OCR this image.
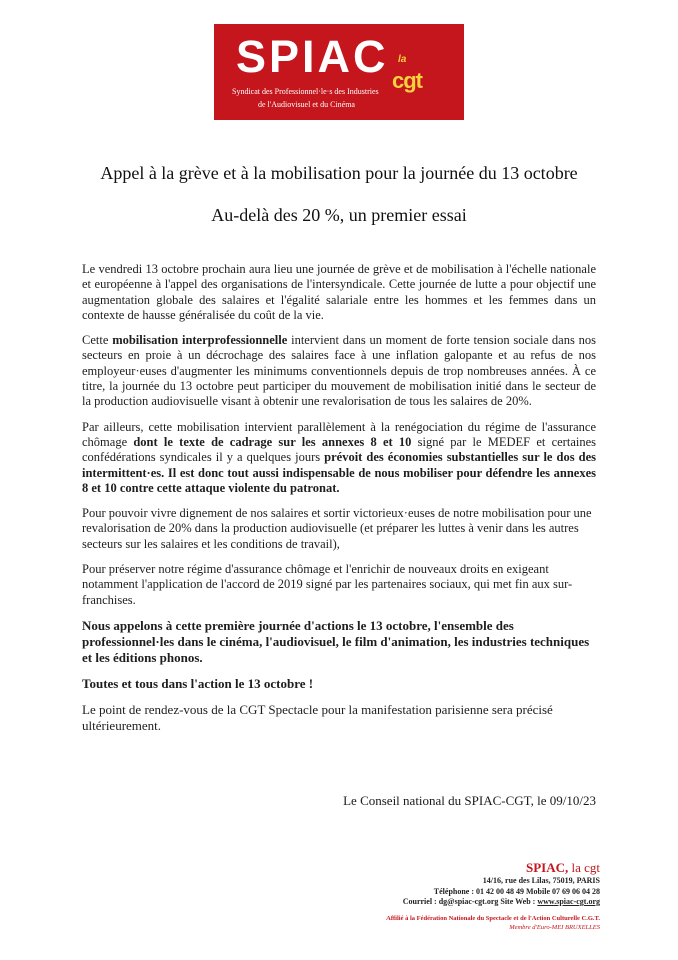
SPIAC la
cgt
Syndicat des Professionnel·le·s des Industries
de l'Audiovisuel et du Cinéma
Appel à la grève et à la mobilisation pour la journée du 13 octobre
Au-delà des 20 %, un premier essai

Le vendredi 13 octobre prochain aura lieu une journée de grève et de mobilisation à l'échelle nationale et européenne à l'appel des organisations de l'intersyndicale. Cette journée de lutte a pour objectif une augmentation globale des salaires et l'égalité salariale entre les hommes et les femmes dans un contexte de hausse généralisée du coût de la vie.

Cette mobilisation interprofessionnelle intervient dans un moment de forte tension sociale dans nos secteurs en proie à un décrochage des salaires face à une inflation galopante et au refus de nos employeur·euses d'augmenter les minimums conventionnels depuis de trop nombreuses années. À ce titre, la journée du 13 octobre peut participer du mouvement de mobilisation initié dans le secteur de la production audiovisuelle visant à obtenir une revalorisation de tous les salaires de 20%.

Par ailleurs, cette mobilisation intervient parallèlement à la renégociation du régime de l'assurance chômage dont le texte de cadrage sur les annexes 8 et 10 signé par le MEDEF et certaines confédérations syndicales il y a quelques jours prévoit des économies substantielles sur le dos des intermittent·es. Il est donc tout aussi indispensable de nous mobiliser pour défendre les annexes 8 et 10 contre cette attaque violente du patronat.

Pour pouvoir vivre dignement de nos salaires et sortir victorieux·euses de notre mobilisation pour une revalorisation de 20% dans la production audiovisuelle (et préparer les luttes à venir dans les autres secteurs sur les salaires et les conditions de travail),

Pour préserver notre régime d'assurance chômage et l'enrichir de nouveaux droits en exigeant notamment l'application de l'accord de 2019 signé par les partenaires sociaux, qui met fin aux sur-franchises.

Nous appelons à cette première journée d'actions le 13 octobre, l'ensemble des professionnel·les dans le cinéma, l'audiovisuel, le film d'animation, les industries techniques et les éditions phonos.

Toutes et tous dans l'action le 13 octobre !

Le point de rendez-vous de la CGT Spectacle pour la manifestation parisienne sera précisé ultérieurement.

Le Conseil national du SPIAC-CGT, le 09/10/23
SPIAC, la cgt
14/16, rue des Lilas, 75019, PARIS
Téléphone : 01 42 00 48 49 Mobile 07 69 06 04 28
Courriel : dg@spiac-cgt.org Site Web : www.spiac-cgt.org
Affilié à la Fédération Nationale du Spectacle et de l'Action Culturelle C.G.T.
Membre d'Euro-MEI BRUXELLES
